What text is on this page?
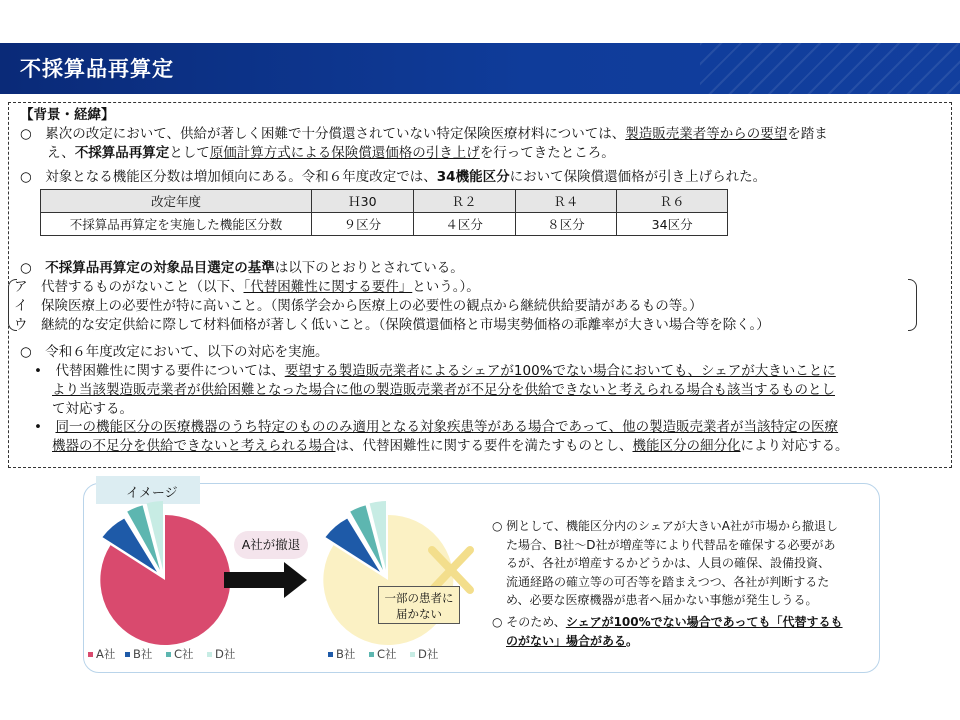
不採算品再算定
【背景・経緯】
○　累次の改定において、供給が著しく困難で十分償還されていない特定保険医療材料については、製造販売業者等からの要望を踏ま
え、不採算品再算定として原価計算方式による保険償還価格の引き上げを行ってきたところ。
○　対象となる機能区分数は増加傾向にある。令和６年度改定では、34機能区分において保険償還価格が引き上げられた。
改定年度	Ｈ30	Ｒ２	Ｒ４	Ｒ６
不採算品再算定を実施した機能区分数	９区分	４区分	８区分	34区分
○　不採算品再算定の対象品目選定の基準は以下のとおりとされている。
ア　代替するものがないこと（以下、「代替困難性に関する要件」という。）。
イ　保険医療上の必要性が特に高いこと。（関係学会から医療上の必要性の観点から継続供給要請があるもの等。）
ウ　継続的な安定供給に際して材料価格が著しく低いこと。（保険償還価格と市場実勢価格の乖離率が大きい場合等を除く。）
○　令和６年度改定において、以下の対応を実施。
•　代替困難性に関する要件については、要望する製造販売業者によるシェアが100%でない場合においても、シェアが大きいことに
より当該製造販売業者が供給困難となった場合に他の製造販売業者が不足分を供給できないと考えられる場合も該当するものとし
て対応する。
•　同一の機能区分の医療機器のうち特定のもののみ適用となる対象疾患等がある場合であって、他の製造販売業者が当該特定の医療
機器の不足分を供給できないと考えられる場合は、代替困難性に関する要件を満たすものとし、機能区分の細分化により対応する。
イメージ
A社が撤退
一部の患者に
届かない
A社	B社	C社	D社	B社	C社	D社
○ 例として、機能区分内のシェアが大きいA社が市場から撤退し
た場合、B社～D社が増産等により代替品を確保する必要があ
るが、各社が増産するかどうかは、人員の確保、設備投資、
流通経路の確立等の可否等を踏まえつつ、各社が判断するた
め、必要な医療機器が患者へ届かない事態が発生しうる。
○ そのため、シェアが100%でない場合であっても「代替するも
のがない」場合がある。
